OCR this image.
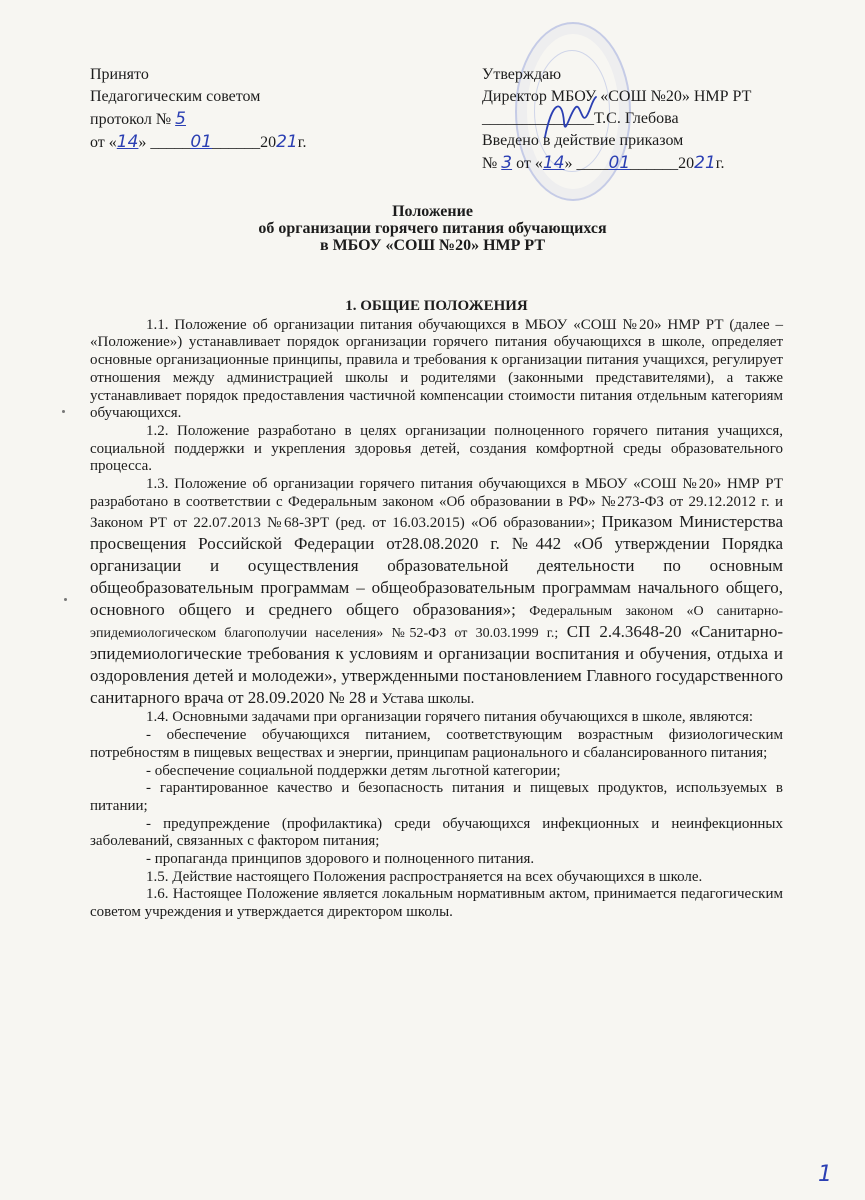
Принято
Педагогическим советом
протокол № 5
от «14» _____01______2021г.
Утверждаю
Директор МБОУ «СОШ №20» НМР РТ
______________Т.С. Глебова
Введено в действие приказом
№ 3 от «14» ____01______2021г.
Положение
об организации горячего питания обучающихся
в МБОУ «СОШ №20» НМР РТ

1. ОБЩИЕ ПОЛОЖЕНИЯ

1.1. Положение об организации питания обучающихся в МБОУ «СОШ №20» НМР РТ (далее – «Положение») устанавливает порядок организации горячего питания обучающихся в школе, определяет основные организационные принципы, правила и требования к организации питания учащихся, регулирует отношения между администрацией школы и родителями (законными представителями), а также устанавливает порядок предоставления частичной компенсации стоимости питания отдельным категориям обучающихся.

1.2. Положение разработано в целях организации полноценного горячего питания учащихся, социальной поддержки и укрепления здоровья детей, создания комфортной среды образовательного процесса.

1.3. Положение об организации горячего питания обучающихся в МБОУ «СОШ №20» НМР РТ разработано в соответствии с Федеральным законом «Об образовании в РФ» №273-ФЗ от 29.12.2012 г. и Законом РТ от 22.07.2013 №68-ЗРТ (ред. от 16.03.2015) «Об образовании»; Приказом Министерства просвещения Российской Федерации от28.08.2020 г. №442 «Об утверждении Порядка организации и осуществления образовательной деятельности по основным общеобразовательным программам – общеобразовательным программам начального общего, основного общего и среднего общего образования»; Федеральным законом «О санитарно-эпидемиологическом благополучии населения» №52-ФЗ от 30.03.1999 г.; СП 2.4.3648-20 «Санитарно-эпидемиологические требования к условиям и организации воспитания и обучения, отдыха и оздоровления детей и молодежи», утвержденными постановлением Главного государственного санитарного врача от 28.09.2020 № 28 и Устава школы.

1.4. Основными задачами при организации горячего питания обучающихся в школе, являются:

- обеспечение обучающихся питанием, соответствующим возрастным физиологическим потребностям в пищевых веществах и энергии, принципам рационального и сбалансированного питания;

- обеспечение социальной поддержки детям льготной категории;

- гарантированное качество и безопасность питания и пищевых продуктов, используемых в питании;

- предупреждение (профилактика) среди обучающихся инфекционных и неинфекционных заболеваний, связанных с фактором питания;

- пропаганда принципов здорового и полноценного питания.

1.5. Действие настоящего Положения распространяется на всех обучающихся в школе.

1.6. Настоящее Положение является локальным нормативным актом, принимается педагогическим советом учреждения и утверждается директором школы.

1
